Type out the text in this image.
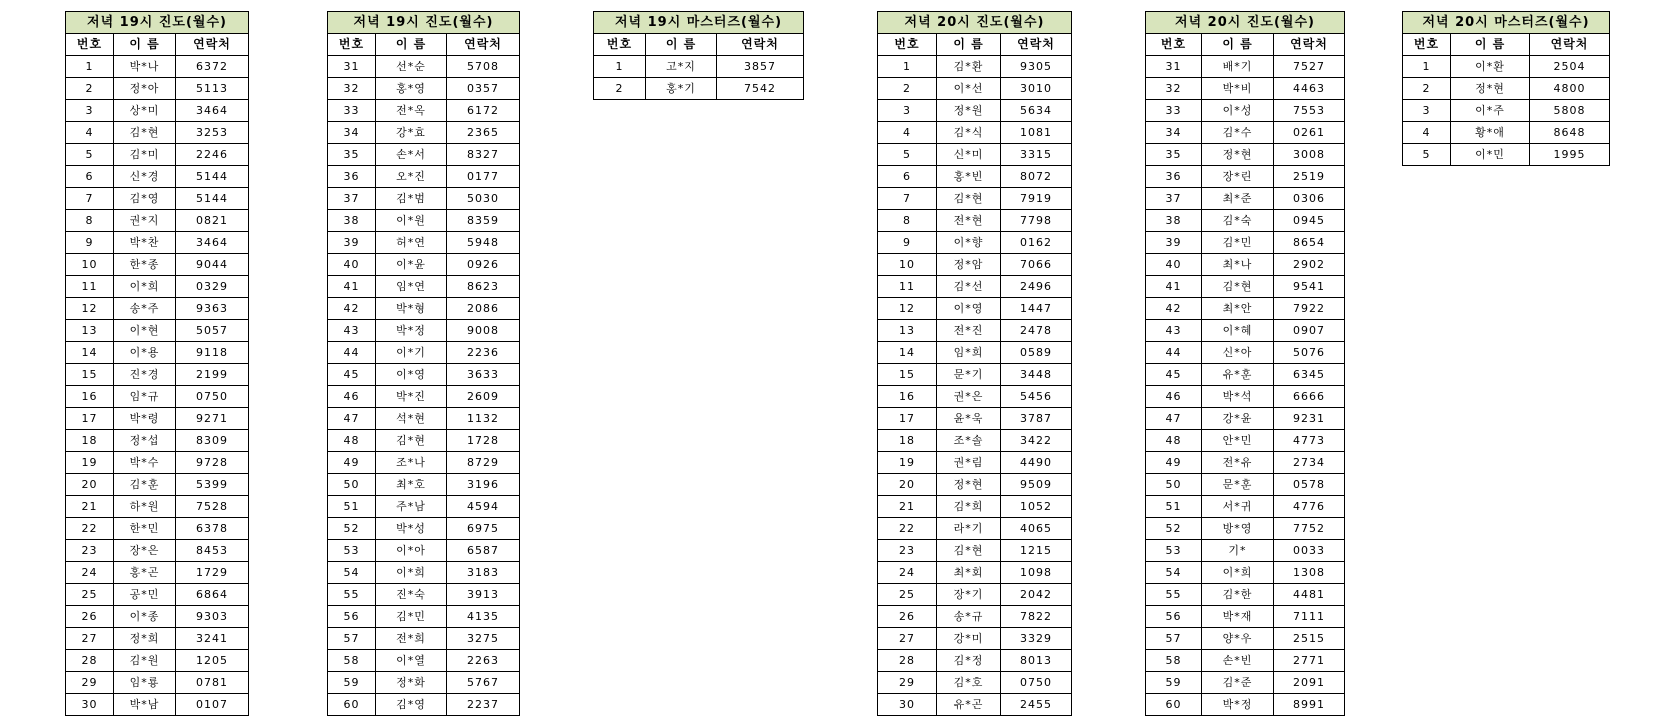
저녁 19시 진도(월수)		
번호	이 름	연락처
1	박*나	6372
2	정*아	5113
3	상*미	3464
4	김*현	3253
5	김*미	2246
6	신*경	5144
7	김*영	5144
8	권*지	0821
9	박*찬	3464
10	한*종	9044
11	이*희	0329
12	송*주	9363
13	이*현	5057
14	이*용	9118
15	진*경	2199
16	임*규	0750
17	박*령	9271
18	정*섭	8309
19	박*수	9728
20	김*훈	5399
21	하*원	7528
22	한*민	6378
23	장*은	8453
24	홍*곤	1729
25	공*민	6864
26	이*종	9303
27	정*희	3241
28	김*원	1205
29	임*룡	0781
30	박*남	0107
저녁 19시 진도(월수)		
번호	이 름	연락처
31	선*순	5708
32	홍*영	0357
33	전*옥	6172
34	강*효	2365
35	손*서	8327
36	오*진	0177
37	김*범	5030
38	이*원	8359
39	허*연	5948
40	이*윤	0926
41	임*연	8623
42	박*형	2086
43	박*정	9008
44	이*기	2236
45	이*영	3633
46	박*진	2609
47	석*현	1132
48	김*현	1728
49	조*나	8729
50	최*호	3196
51	주*남	4594
52	박*성	6975
53	이*아	6587
54	이*희	3183
55	진*숙	3913
56	김*민	4135
57	전*희	3275
58	이*열	2263
59	정*화	5767
60	김*영	2237
저녁 19시 마스터즈(월수)		
번호	이 름	연락처
1	고*지	3857
2	홍*기	7542
저녁 20시 진도(월수)		
번호	이 름	연락처
1	김*환	9305
2	이*선	3010
3	정*원	5634
4	김*식	1081
5	신*미	3315
6	홍*빈	8072
7	김*현	7919
8	전*현	7798
9	이*향	0162
10	정*암	7066
11	김*선	2496
12	이*영	1447
13	전*진	2478
14	임*희	0589
15	문*기	3448
16	권*은	5456
17	윤*욱	3787
18	조*솔	3422
19	권*림	4490
20	정*현	9509
21	김*희	1052
22	라*기	4065
23	김*현	1215
24	최*회	1098
25	장*기	2042
26	송*규	7822
27	강*미	3329
28	김*정	8013
29	김*호	0750
30	유*곤	2455
저녁 20시 진도(월수)		
번호	이 름	연락처
31	배*기	7527
32	박*비	4463
33	이*성	7553
34	김*수	0261
35	정*현	3008
36	장*린	2519
37	최*준	0306
38	김*숙	0945
39	김*민	8654
40	최*나	2902
41	김*현	9541
42	최*안	7922
43	이*혜	0907
44	신*아	5076
45	유*훈	6345
46	박*석	6666
47	강*윤	9231
48	안*민	4773
49	전*유	2734
50	문*훈	0578
51	서*귀	4776
52	방*영	7752
53	기*	0033
54	이*희	1308
55	김*한	4481
56	박*재	7111
57	양*우	2515
58	손*빈	2771
59	김*준	2091
60	박*정	8991
저녁 20시 마스터즈(월수)		
번호	이 름	연락처
1	이*환	2504
2	정*현	4800
3	이*주	5808
4	황*애	8648
5	이*민	1995
